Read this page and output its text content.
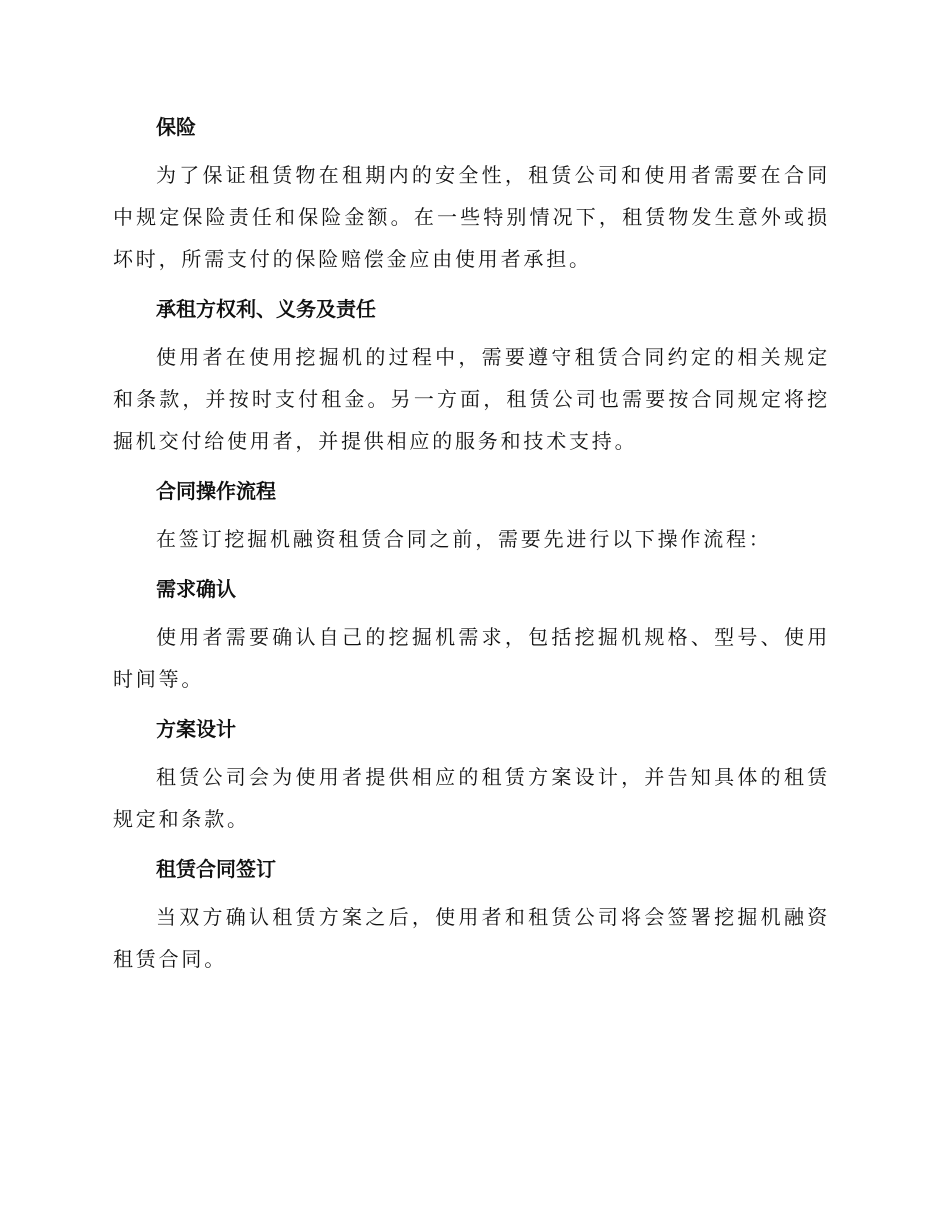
保险

为了保证租赁物在租期内的安全性，租赁公司和使用者需要在合同中规定保险责任和保险金额。在一些特别情况下，租赁物发生意外或损坏时，所需支付的保险赔偿金应由使用者承担。

承租方权利、义务及责任

使用者在使用挖掘机的过程中，需要遵守租赁合同约定的相关规定和条款，并按时支付租金。另一方面，租赁公司也需要按合同规定将挖掘机交付给使用者，并提供相应的服务和技术支持。

合同操作流程

在签订挖掘机融资租赁合同之前，需要先进行以下操作流程：

需求确认

使用者需要确认自己的挖掘机需求，包括挖掘机规格、型号、使用时间等。

方案设计

租赁公司会为使用者提供相应的租赁方案设计，并告知具体的租赁规定和条款。

租赁合同签订

当双方确认租赁方案之后，使用者和租赁公司将会签署挖掘机融资租赁合同。
